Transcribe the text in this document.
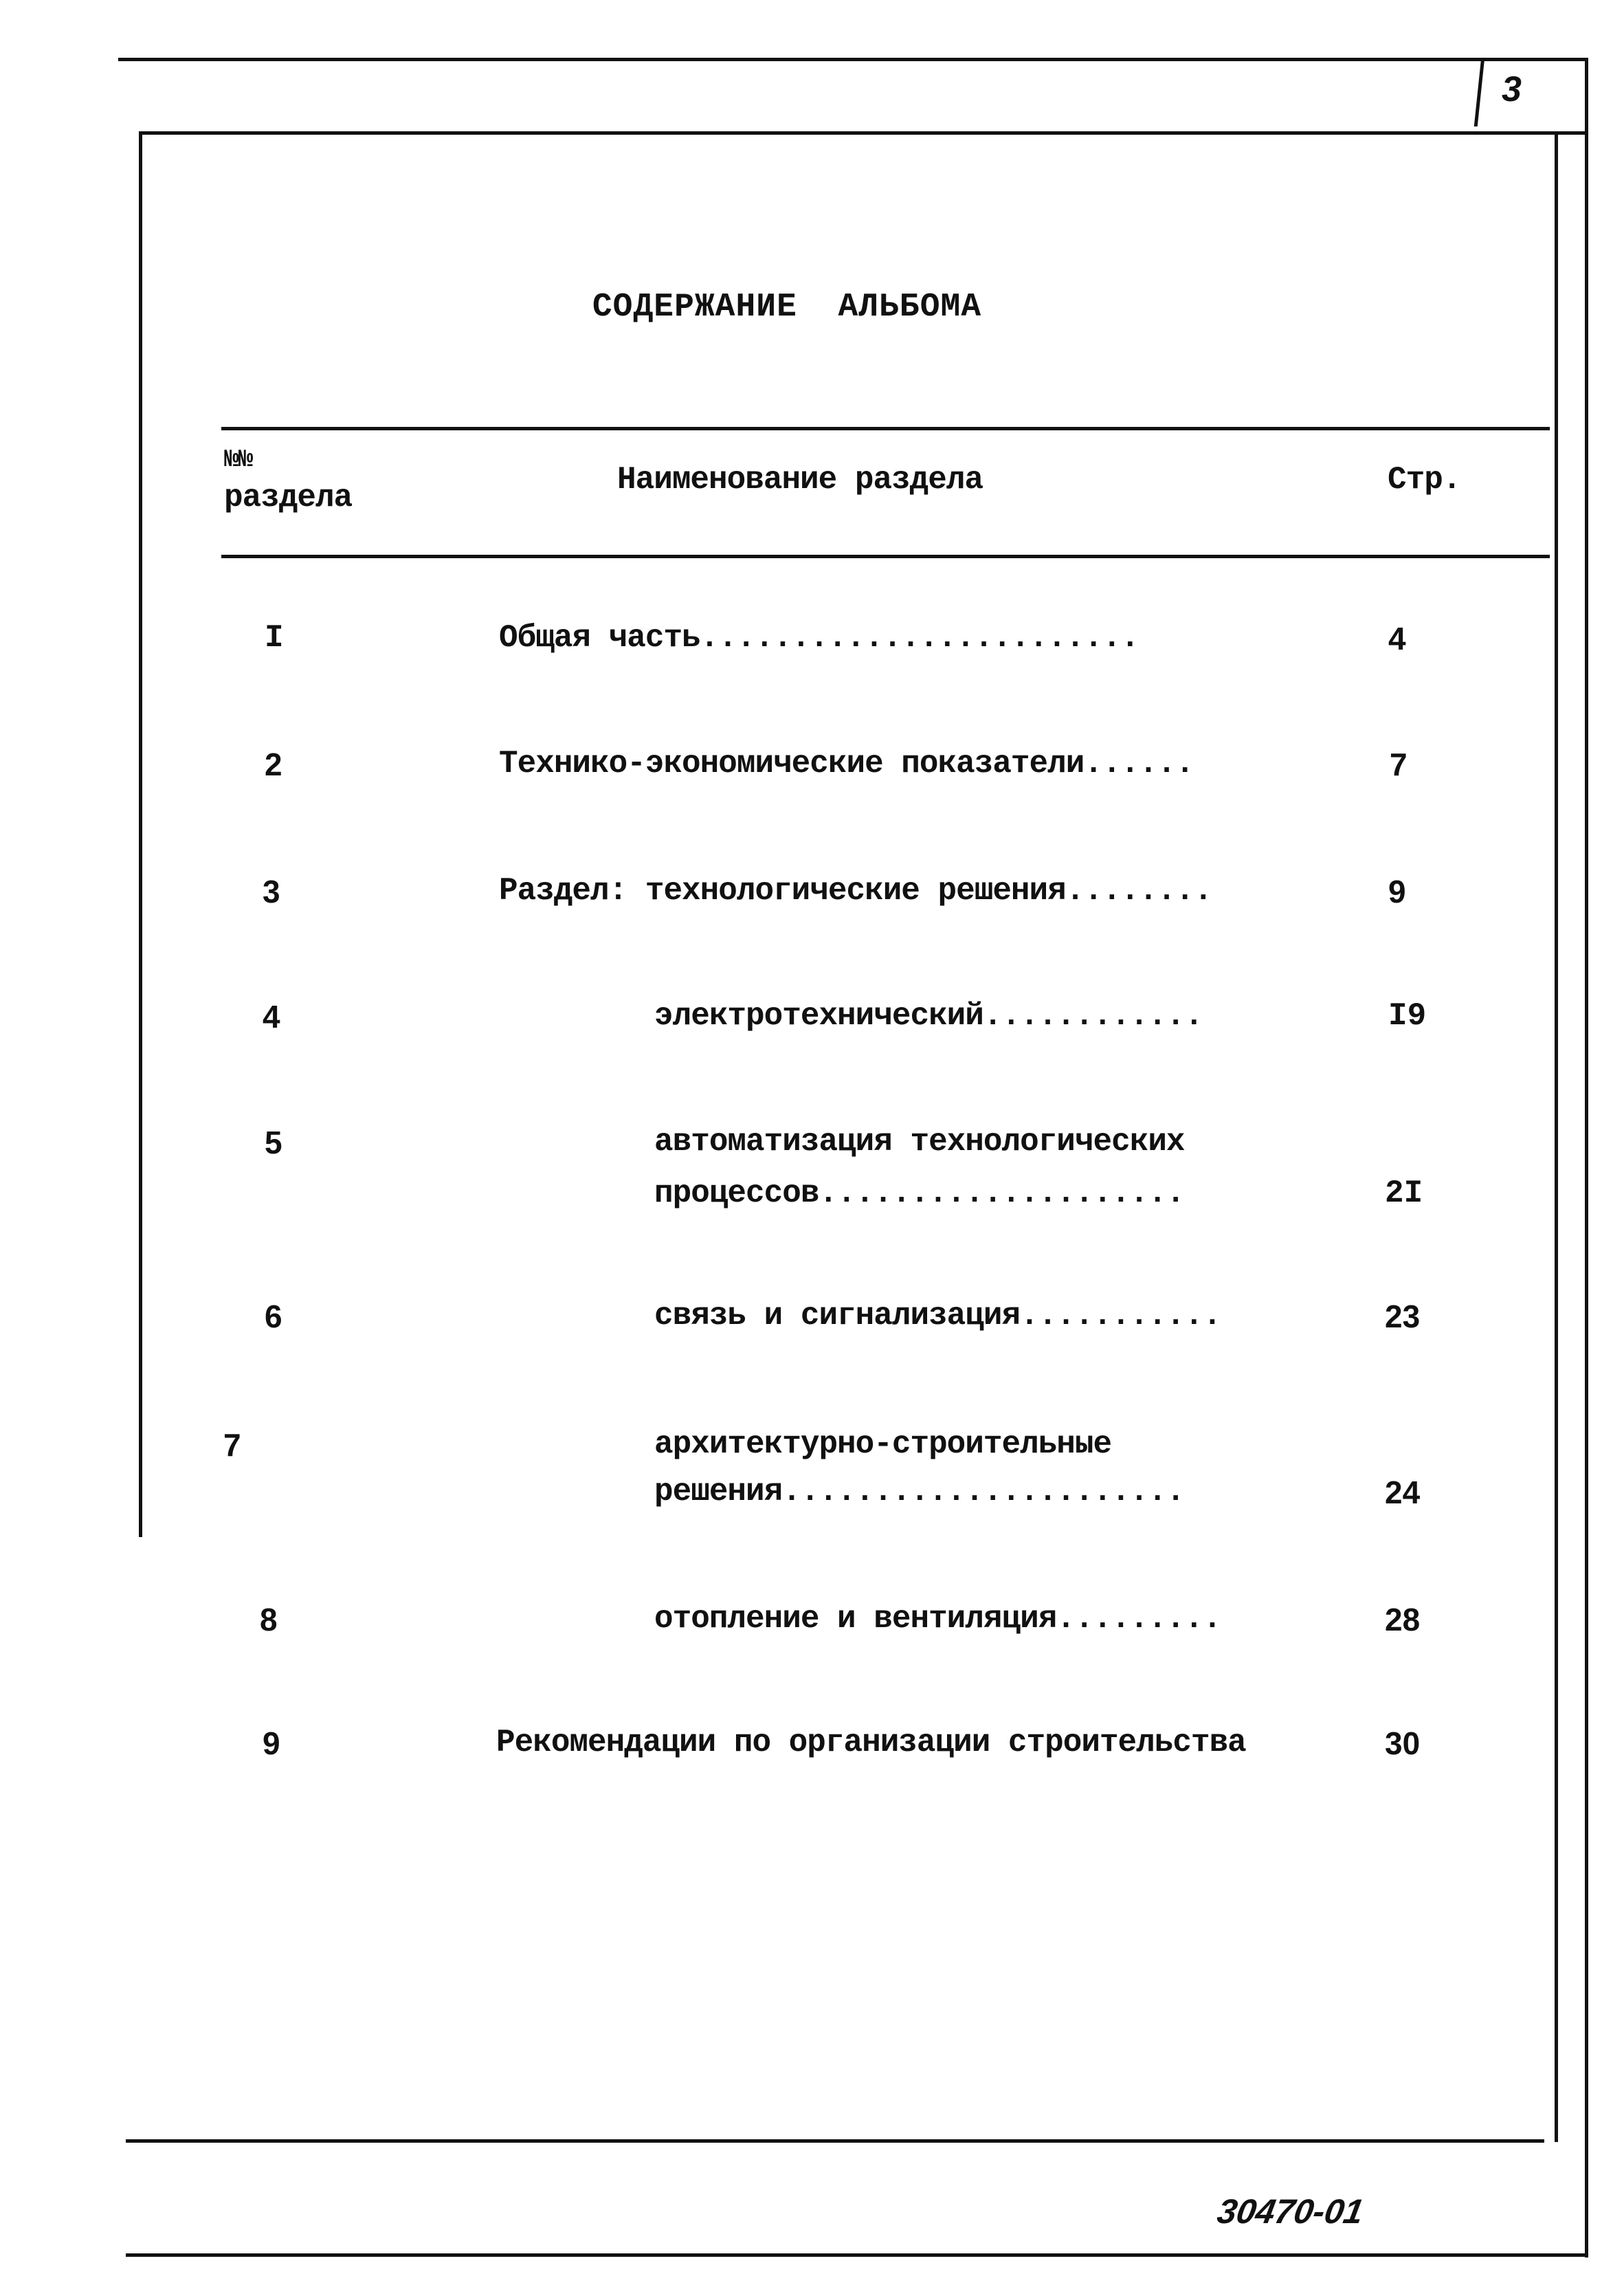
3
СОДЕРЖАНИЕ  АЛЬБОМА
№№
раздела	Наименование раздела	Стр.
I	Общая часть........................	4
2	Технико-экономические показатели......	7
3	Раздел: технологические решения........	9
4	электротехнический............	I9
5	автоматизация технологических
процессов....................	2I
6	связь и сигнализация...........	23
7	архитектурно-строительные
решения......................	24
8	отопление и вентиляция.........	28
9	Рекомендации по организации строительства	30
30470-01
